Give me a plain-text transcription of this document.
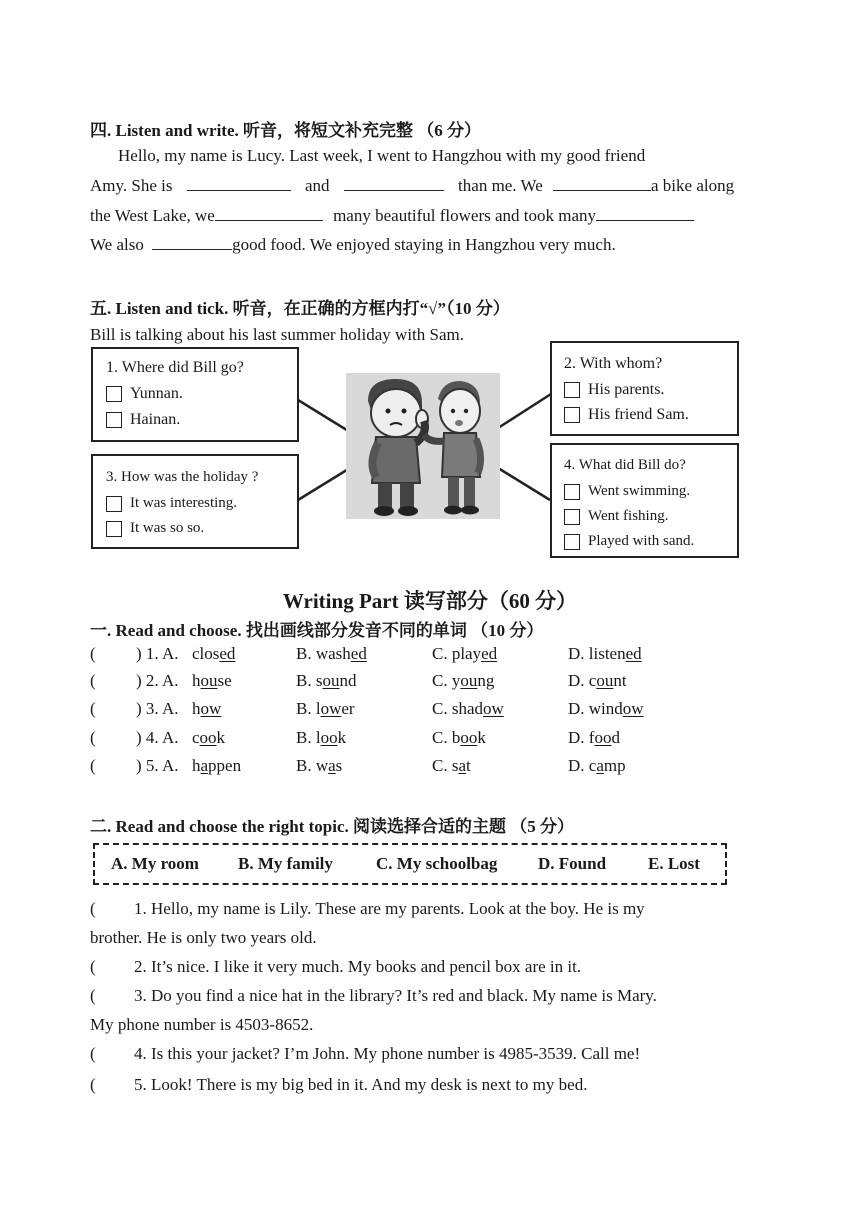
四. Listen and write. 听音，将短文补充完整 （6 分）
Hello, my name is Lucy. Last week, I went to Hangzhou with my good friend
Amy. She is	and	than me. We	a bike along
the West Lake, we	many beautiful flowers and took many
We also	good food. We enjoyed staying in Hangzhou very much.
五. Listen and tick. 听音，在正确的方框内打“√”（10 分）
Bill is talking about his last summer holiday with Sam.
1. Where did Bill go?
Yunnan.
Hainan.
3. How was the holiday ?
It was interesting.
It was so so.
2. With whom?
His parents.
His friend Sam.
4. What did Bill do?
Went swimming.
Went fishing.
Played with sand.
Writing Part 读写部分（60 分）
一. Read and choose. 找出画线部分发音不同的单词 （10 分）
( ) 1. A. closed	B. washed	C. played	D. listened
( ) 2. A. house	B. sound	C. young	D. count
( ) 3. A. how	B. lower	C. shadow	D. window
( ) 4. A. cook	B. look	C. book	D. food
( ) 5. A. happen	B. was	C. sat	D. camp
二. Read and choose the right topic. 阅读选择合适的主题 （5 分）
A. My room B. My family	C. My schoolbag D. Found E. Lost
( 1. Hello, my name is Lily. These are my parents. Look at the boy. He is my
brother. He is only two years old.
( 2. It’s nice. I like it very much. My books and pencil box are in it.
( 3. Do you find a nice hat in the library? It’s red and black. My name is Mary.
My phone number is 4503-8652.
( 4. Is this your jacket? I’m John. My phone number is 4985-3539. Call me!
( 5. Look! There is my big bed in it. And my desk is next to my bed.
